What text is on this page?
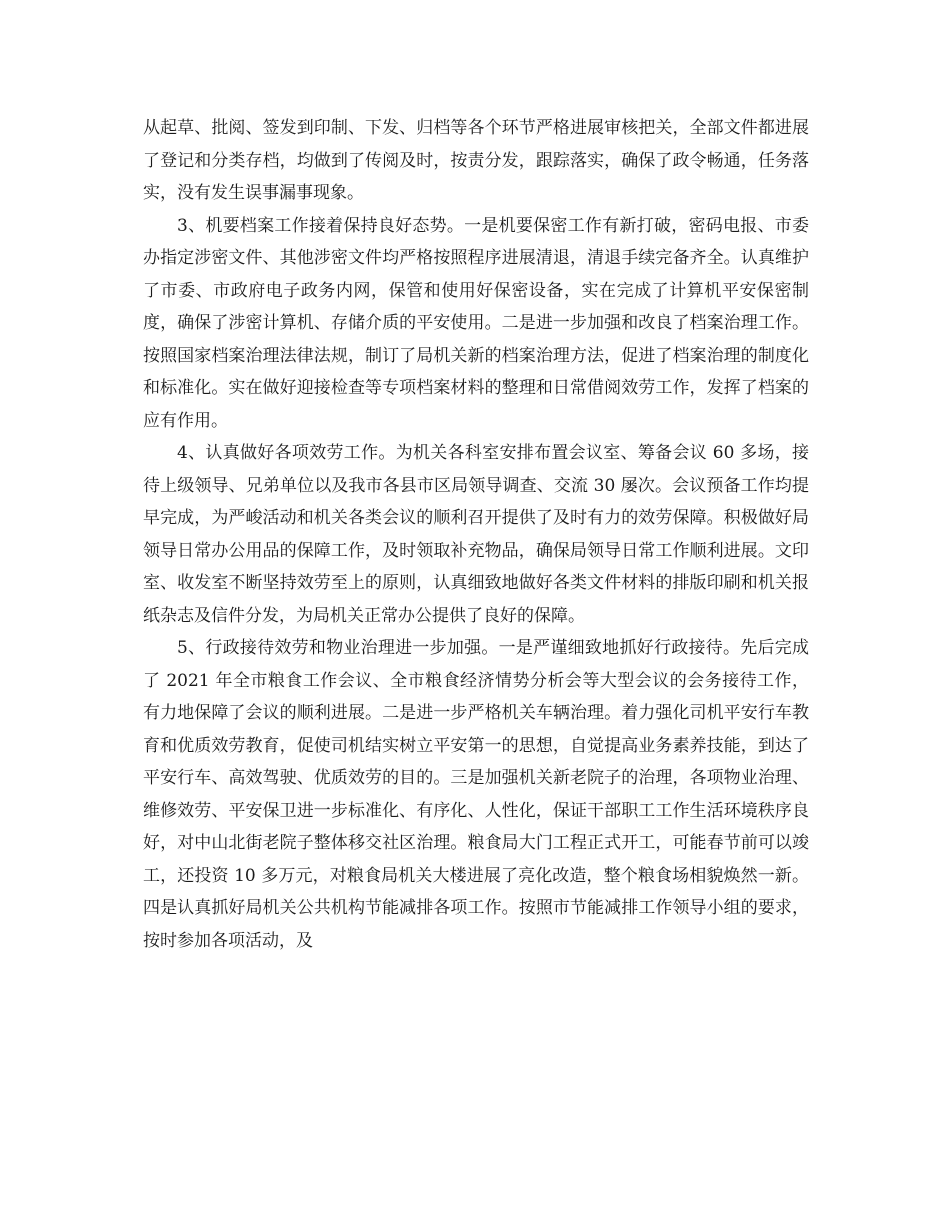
从起草、批阅、签发到印制、下发、归档等各个环节严格进展审核把关，全部文件都进展了登记和分类存档，均做到了传阅及时，按责分发，跟踪落实，确保了政令畅通，任务落实，没有发生误事漏事现象。

3、机要档案工作接着保持良好态势。一是机要保密工作有新打破，密码电报、市委办指定涉密文件、其他涉密文件均严格按照程序进展清退，清退手续完备齐全。认真维护了市委、市政府电子政务内网，保管和使用好保密设备，实在完成了计算机平安保密制度，确保了涉密计算机、存储介质的平安使用。二是进一步加强和改良了档案治理工作。按照国家档案治理法律法规，制订了局机关新的档案治理方法，促进了档案治理的制度化和标准化。实在做好迎接检查等专项档案材料的整理和日常借阅效劳工作，发挥了档案的应有作用。

4、认真做好各项效劳工作。为机关各科室安排布置会议室、筹备会议 60 多场，接待上级领导、兄弟单位以及我市各县市区局领导调查、交流 30 屡次。会议预备工作均提早完成，为严峻活动和机关各类会议的顺利召开提供了及时有力的效劳保障。积极做好局领导日常办公用品的保障工作，及时领取补充物品，确保局领导日常工作顺利进展。文印室、收发室不断坚持效劳至上的原则，认真细致地做好各类文件材料的排版印刷和机关报纸杂志及信件分发，为局机关正常办公提供了良好的保障。

5、行政接待效劳和物业治理进一步加强。一是严谨细致地抓好行政接待。先后完成了 2021 年全市粮食工作会议、全市粮食经济情势分析会等大型会议的会务接待工作，有力地保障了会议的顺利进展。二是进一步严格机关车辆治理。着力强化司机平安行车教育和优质效劳教育，促使司机结实树立平安第一的思想，自觉提高业务素养技能，到达了平安行车、高效驾驶、优质效劳的目的。三是加强机关新老院子的治理，各项物业治理、维修效劳、平安保卫进一步标准化、有序化、人性化，保证干部职工工作生活环境秩序良好，对中山北街老院子整体移交社区治理。粮食局大门工程正式开工，可能春节前可以竣工，还投资 10 多万元，对粮食局机关大楼进展了亮化改造，整个粮食场相貌焕然一新。四是认真抓好局机关公共机构节能减排各项工作。按照市节能减排工作领导小组的要求，按时参加各项活动，及
